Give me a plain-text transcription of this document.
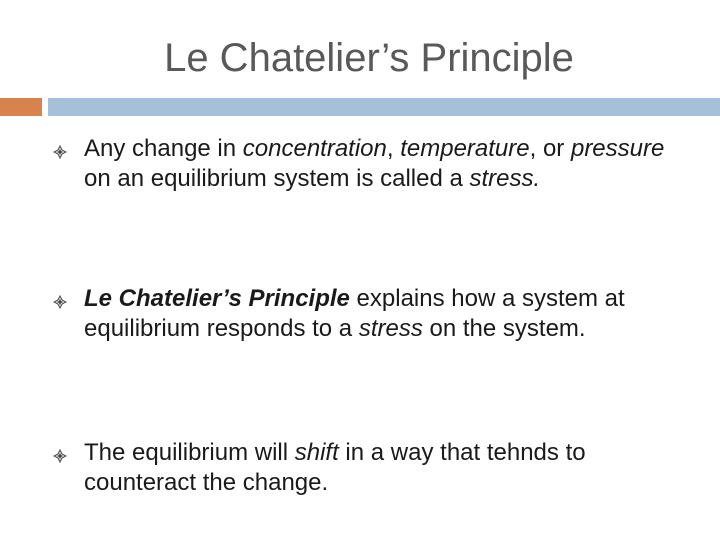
Le Chatelier’s Principle
Any change in concentration, temperature, or pressure on an equilibrium system is called a stress.
Le Chatelier’s Principle explains how a system at equilibrium responds to a stress on the system.
The equilibrium will shift in a way that tehnds to counteract the change.
